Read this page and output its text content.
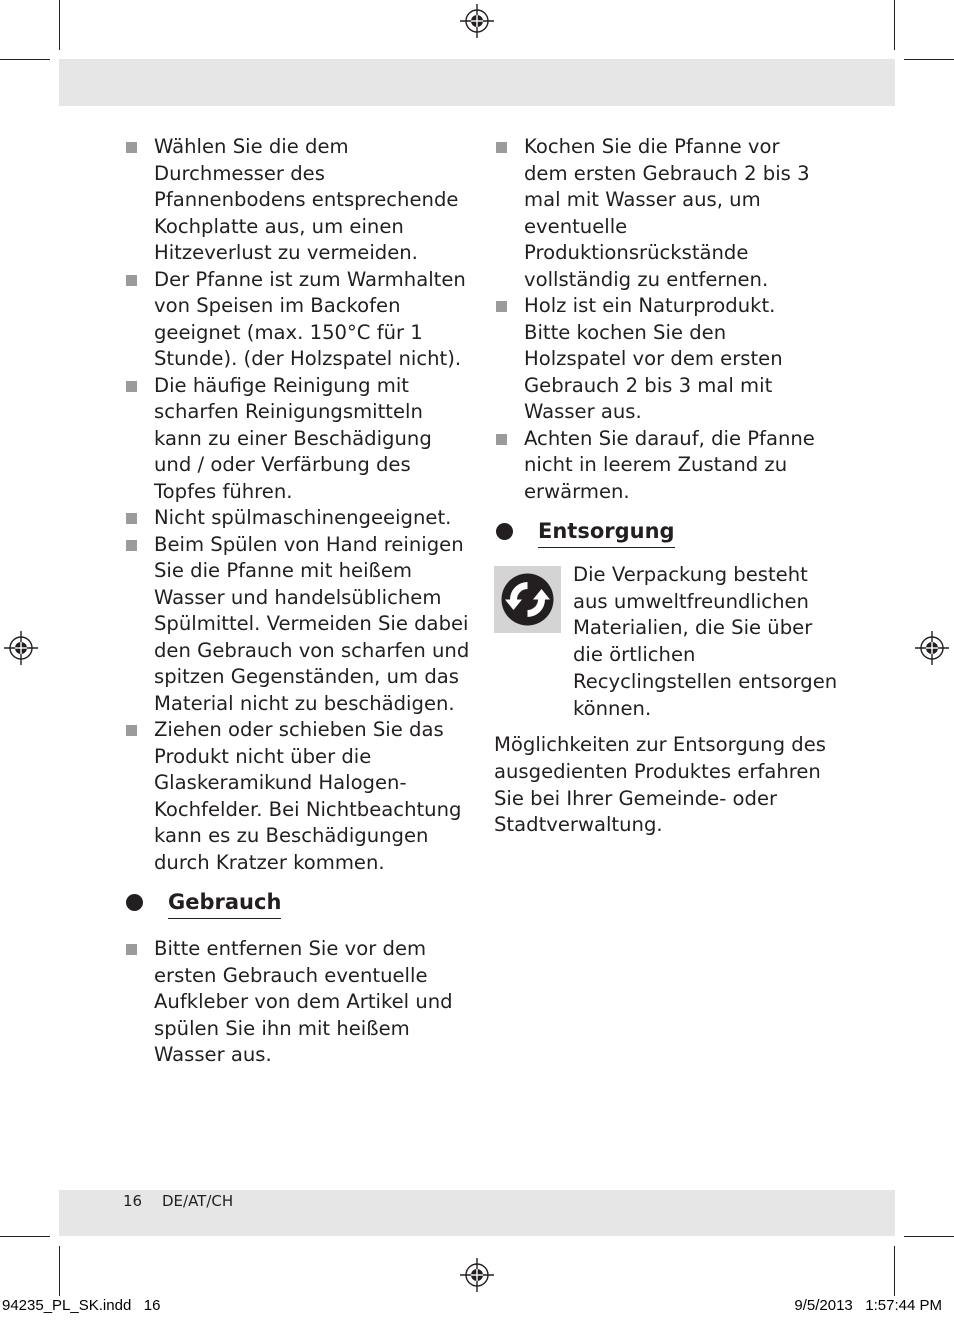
Wählen Sie die dem Durchmesser des Pfannenbodens entsprechende Kochplatte aus, um einen Hitzeverlust zu vermeiden.
Der Pfanne ist zum Warmhalten von Speisen im Backofen geeignet (max. 150°C für 1 Stunde). (der Holzspatel nicht).
Die häufige Reinigung mit scharfen Reinigungsmitteln kann zu einer Beschädigung und / oder Verfärbung des Topfes führen.
Nicht spülmaschinengeeignet.
Beim Spülen von Hand reinigen Sie die Pfanne mit heißem Wasser und handelsüblichem Spülmittel. Vermeiden Sie dabei den Gebrauch von scharfen und spitzen Gegenständen, um das Material nicht zu beschädigen.
Ziehen oder schieben Sie das Produkt nicht über die Glaskeramikund Halogen-Kochfelder. Bei Nichtbeachtung kann es zu Beschädigungen durch Kratzer kommen.
Gebrauch
Bitte entfernen Sie vor dem ersten Gebrauch eventuelle Aufkleber von dem Artikel und spülen Sie ihn mit heißem Wasser aus.
Kochen Sie die Pfanne vor dem ersten Gebrauch 2 bis 3 mal mit Wasser aus, um eventuelle Produktionsrückstände vollständig zu entfernen.
Holz ist ein Naturprodukt. Bitte kochen Sie den Holzspatel vor dem ersten Gebrauch 2 bis 3 mal mit Wasser aus.
Achten Sie darauf, die Pfanne nicht in leerem Zustand zu erwärmen.
Entsorgung
Die Verpackung besteht aus umweltfreundlichen Materialien, die Sie über die örtlichen Recyclingstellen entsorgen können.
Möglichkeiten zur Entsorgung des ausgedienten Produktes erfahren Sie bei Ihrer Gemeinde- oder Stadtverwaltung.
16 DE/AT/CH
94235_PL_SK.indd   16	9/5/2013   1:57:44 PM
